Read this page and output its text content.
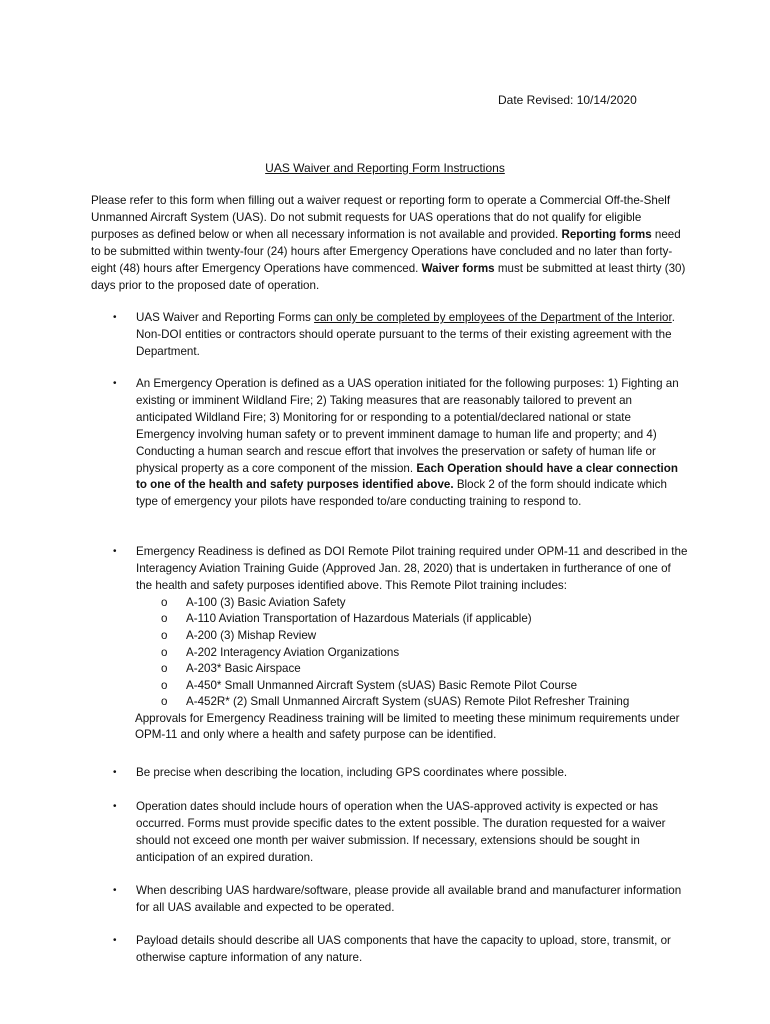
Date Revised: 10/14/2020
UAS Waiver and Reporting Form Instructions

Please refer to this form when filling out a waiver request or reporting form to operate a Commercial Off-the-Shelf Unmanned Aircraft System (UAS). Do not submit requests for UAS operations that do not qualify for eligible purposes as defined below or when all necessary information is not available and provided. Reporting forms need to be submitted within twenty-four (24) hours after Emergency Operations have concluded and no later than forty-eight (48) hours after Emergency Operations have commenced. Waiver forms must be submitted at least thirty (30) days prior to the proposed date of operation.

• UAS Waiver and Reporting Forms can only be completed by employees of the Department of the Interior. Non-DOI entities or contractors should operate pursuant to the terms of their existing agreement with the Department.
• An Emergency Operation is defined as a UAS operation initiated for the following purposes: 1) Fighting an existing or imminent Wildland Fire; 2) Taking measures that are reasonably tailored to prevent an anticipated Wildland Fire; 3) Monitoring for or responding to a potential/declared national or state Emergency involving human safety or to prevent imminent damage to human life and property; and 4) Conducting a human search and rescue effort that involves the preservation or safety of human life or physical property as a core component of the mission. Each Operation should have a clear connection to one of the health and safety purposes identified above. Block 2 of the form should indicate which type of emergency your pilots have responded to/are conducting training to respond to.
• Emergency Readiness is defined as DOI Remote Pilot training required under OPM-11 and described in the Interagency Aviation Training Guide (Approved Jan. 28, 2020) that is undertaken in furtherance of one of the health and safety purposes identified above. This Remote Pilot training includes:
o A-100 (3) Basic Aviation Safety
o A-110 Aviation Transportation of Hazardous Materials (if applicable)
o A-200 (3) Mishap Review
o A-202 Interagency Aviation Organizations
o A-203* Basic Airspace
o A-450* Small Unmanned Aircraft System (sUAS) Basic Remote Pilot Course
o A-452R* (2) Small Unmanned Aircraft System (sUAS) Remote Pilot Refresher Training
Approvals for Emergency Readiness training will be limited to meeting these minimum requirements under OPM-11 and only where a health and safety purpose can be identified.
• Be precise when describing the location, including GPS coordinates where possible.
• Operation dates should include hours of operation when the UAS-approved activity is expected or has occurred. Forms must provide specific dates to the extent possible. The duration requested for a waiver should not exceed one month per waiver submission. If necessary, extensions should be sought in anticipation of an expired duration.
• When describing UAS hardware/software, please provide all available brand and manufacturer information for all UAS available and expected to be operated.
• Payload details should describe all UAS components that have the capacity to upload, store, transmit, or otherwise capture information of any nature.
